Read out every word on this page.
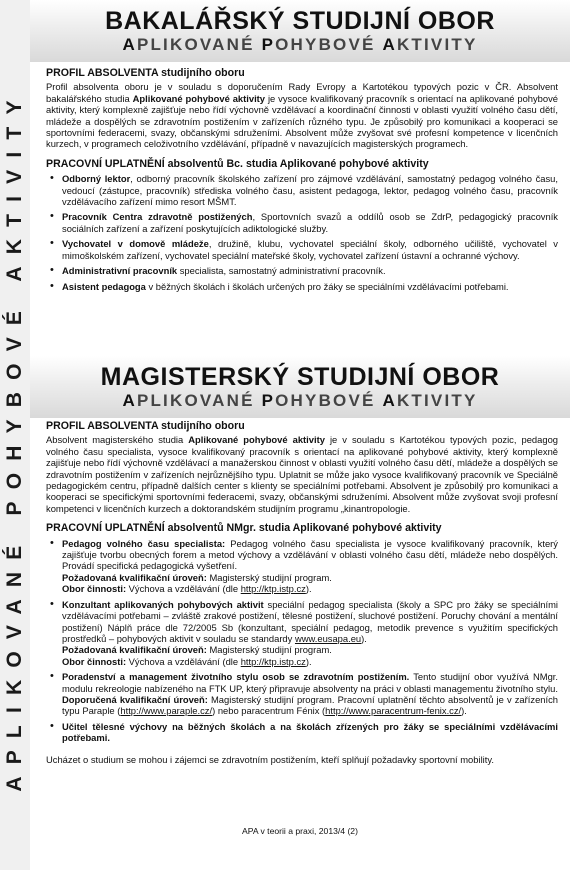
APLIKOVANÉ POHYBOVÉ AKTIVITY
BAKALÁŘSKÝ STUDIJNÍ OBOR
APLIKOVANÉ POHYBOVÉ AKTIVITY
PROFIL ABSOLVENTA studijního oboru

Profil absolventa oboru je v souladu s doporučením Rady Evropy a Kartotékou typových pozic v ČR. Absolvent bakalářského studia Aplikované pohybové aktivity je vysoce kvalifikovaný pracovník s orientací na aplikované pohybové aktivity, který komplexně zajišťuje nebo řídí výchovně vzdělávací a koordinační činnosti v oblasti využití volného času dětí, mládeže a dospělých se zdravotním postižením v zařízeních různého typu. Je způsobilý pro komunikaci a kooperaci se sportovními federacemi, svazy, občanskými sdruženími. Absolvent může zvyšovat své profesní kompetence v licenčních kurzech, v programech celoživotního vzdělávání, případně v navazujících magisterských programech.

PRACOVNÍ UPLATNĚNÍ absolventů Bc. studia Aplikované pohybové aktivity
• Odborný lektor, odborný pracovník školského zařízení pro zájmové vzdělávání, samostatný pedagog volného času, vedoucí (zástupce, pracovník) střediska volného času, asistent pedagoga, lektor, pedagog volného času, pracovník vzdělávacího zařízení mimo resort MŠMT.
• Pracovník Centra zdravotně postižených, Sportovních svazů a oddílů osob se ZdrP, pedagogický pracovník sociálních zařízení a zařízení poskytujících adiktologické služby.
• Vychovatel v domově mládeže, družině, klubu, vychovatel speciální školy, odborného učiliště, vychovatel v mimoškolském zařízení, vychovatel speciální mateřské školy, vychovatel zařízení ústavní a ochranné výchovy.
• Administrativní pracovník specialista, samostatný administrativní pracovník.
• Asistent pedagoga v běžných školách i školách určených pro žáky se speciálními vzdělávacími potřebami.
MAGISTERSKÝ STUDIJNÍ OBOR
APLIKOVANÉ POHYBOVÉ AKTIVITY
PROFIL ABSOLVENTA studijního oboru

Absolvent magisterského studia Aplikované pohybové aktivity je v souladu s Kartotékou typových pozic, pedagog volného času specialista, vysoce kvalifikovaný pracovník s orientací na aplikované pohybové aktivity, který komplexně zajišťuje nebo řídí výchovně vzdělávací a manažerskou činnost v oblasti využití volného času dětí, mládeže a dospělých se zdravotním postižením v zařízeních nejrůznějšího typu. Uplatnit se může jako vysoce kvalifikovaný pracovník ve Speciálně pedagogickém centru, případně dalších center s klienty se speciálními potřebami. Absolvent je způsobilý pro komunikaci a kooperaci se specifickými sportovními federacemi, svazy, občanskými sdruženími. Absolvent může zvyšovat svoji profesní kompetenci v licenčních kurzech a doktorandském studijním programu „kinantropologie.

PRACOVNÍ UPLATNĚNÍ absolventů NMgr. studia Aplikované pohybové aktivity
• Pedagog volného času specialista: Pedagog volného času specialista je vysoce kvalifikovaný pracovník, který zajišťuje tvorbu obecných forem a metod výchovy a vzdělávání v oblasti volného času dětí, mládeže nebo dospělých. Provádí specifická pedagogická vyšetření.
Požadovaná kvalifikační úroveň: Magisterský studijní program.
Obor činnosti: Výchova a vzdělávání (dle http://ktp.istp.cz).
• Konzultant aplikovaných pohybových aktivit speciální pedagog specialista (školy a SPC pro žáky se speciálními vzdělávacími potřebami – zvláště zrakové postižení, tělesné postižení, sluchové postižení. Poruchy chování a mentální postižení) Náplň práce dle 72/2005 Sb (konzultant, speciální pedagog, metodik prevence s využitím specifických prostředků – pohybových aktivit v souladu se standardy www.eusapa.eu).
Požadovaná kvalifikační úroveň: Magisterský studijní program.
Obor činnosti: Výchova a vzdělávání (dle http://ktp.istp.cz).
• Poradenství a management životního stylu osob se zdravotním postižením. Tento studijní obor využívá NMgr. modulu rekreologie nabízeného na FTK UP, který připravuje absolventy na práci v oblasti managementu životního stylu.
Doporučená kvalifikační úroveň: Magisterský studijní program. Pracovní uplatnění těchto absolventů je v zařízeních typu Paraple (http://www.paraple.cz/) nebo paracentrum Fénix (http://www.paracentrum-fenix.cz/).
• Učitel tělesné výchovy na běžných školách a na školách zřízených pro žáky se speciálními vzdělávacími potřebami.

Ucházet o studium se mohou i zájemci se zdravotním postižením, kteří splňují požadavky sportovní mobility.

APA v teorii a praxi, 2013/4 (2)
